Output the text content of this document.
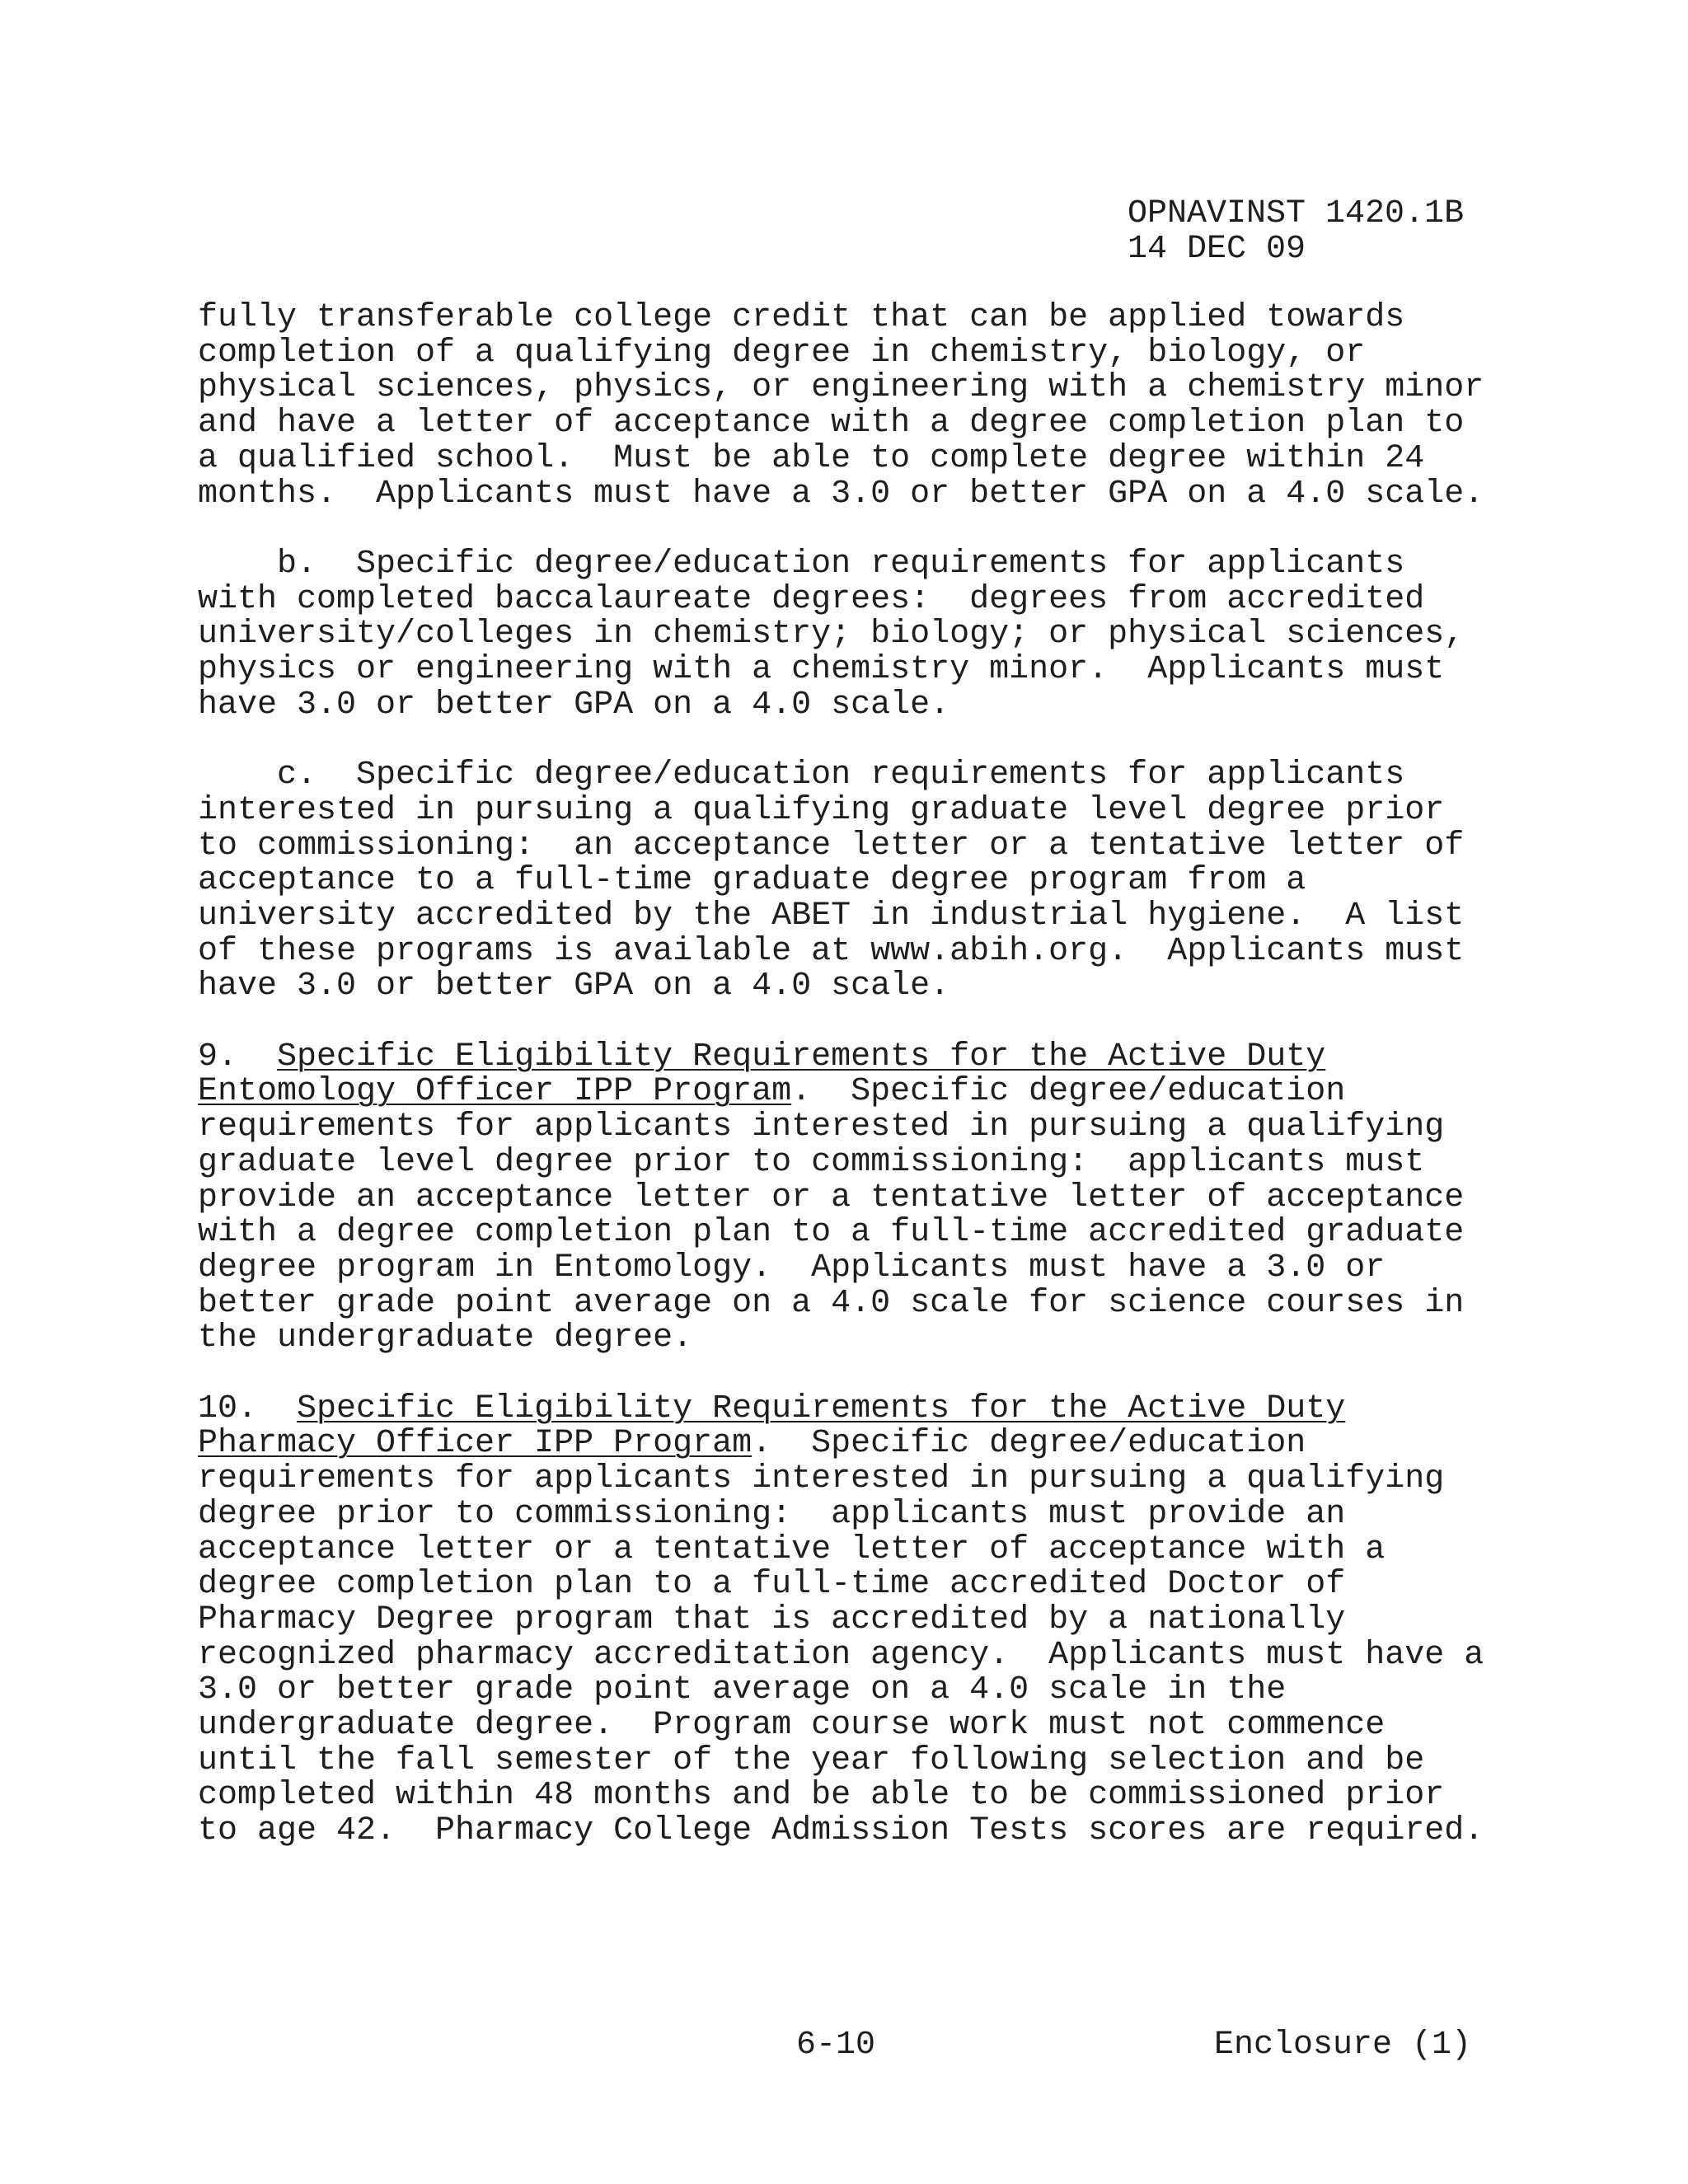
OPNAVINST 1420.1B
14 DEC 09

fully transferable college credit that can be applied towards
completion of a qualifying degree in chemistry, biology, or
physical sciences, physics, or engineering with a chemistry minor
and have a letter of acceptance with a degree completion plan to
a qualified school.  Must be able to complete degree within 24
months.  Applicants must have a 3.0 or better GPA on a 4.0 scale.

b.  Specific degree/education requirements for applicants
with completed baccalaureate degrees:  degrees from accredited
university/colleges in chemistry; biology; or physical sciences,
physics or engineering with a chemistry minor.  Applicants must
have 3.0 or better GPA on a 4.0 scale.

c.  Specific degree/education requirements for applicants
interested in pursuing a qualifying graduate level degree prior
to commissioning:  an acceptance letter or a tentative letter of
acceptance to a full-time graduate degree program from a
university accredited by the ABET in industrial hygiene.  A list
of these programs is available at www.abih.org.  Applicants must
have 3.0 or better GPA on a 4.0 scale.

9.  Specific Eligibility Requirements for the Active Duty
Entomology Officer IPP Program.  Specific degree/education
requirements for applicants interested in pursuing a qualifying
graduate level degree prior to commissioning:  applicants must
provide an acceptance letter or a tentative letter of acceptance
with a degree completion plan to a full-time accredited graduate
degree program in Entomology.  Applicants must have a 3.0 or
better grade point average on a 4.0 scale for science courses in
the undergraduate degree.

10.  Specific Eligibility Requirements for the Active Duty
Pharmacy Officer IPP Program.  Specific degree/education
requirements for applicants interested in pursuing a qualifying
degree prior to commissioning:  applicants must provide an
acceptance letter or a tentative letter of acceptance with a
degree completion plan to a full-time accredited Doctor of
Pharmacy Degree program that is accredited by a nationally
recognized pharmacy accreditation agency.  Applicants must have a
3.0 or better grade point average on a 4.0 scale in the
undergraduate degree.  Program course work must not commence
until the fall semester of the year following selection and be
completed within 48 months and be able to be commissioned prior
to age 42.  Pharmacy College Admission Tests scores are required.

6-10	Enclosure (1)
